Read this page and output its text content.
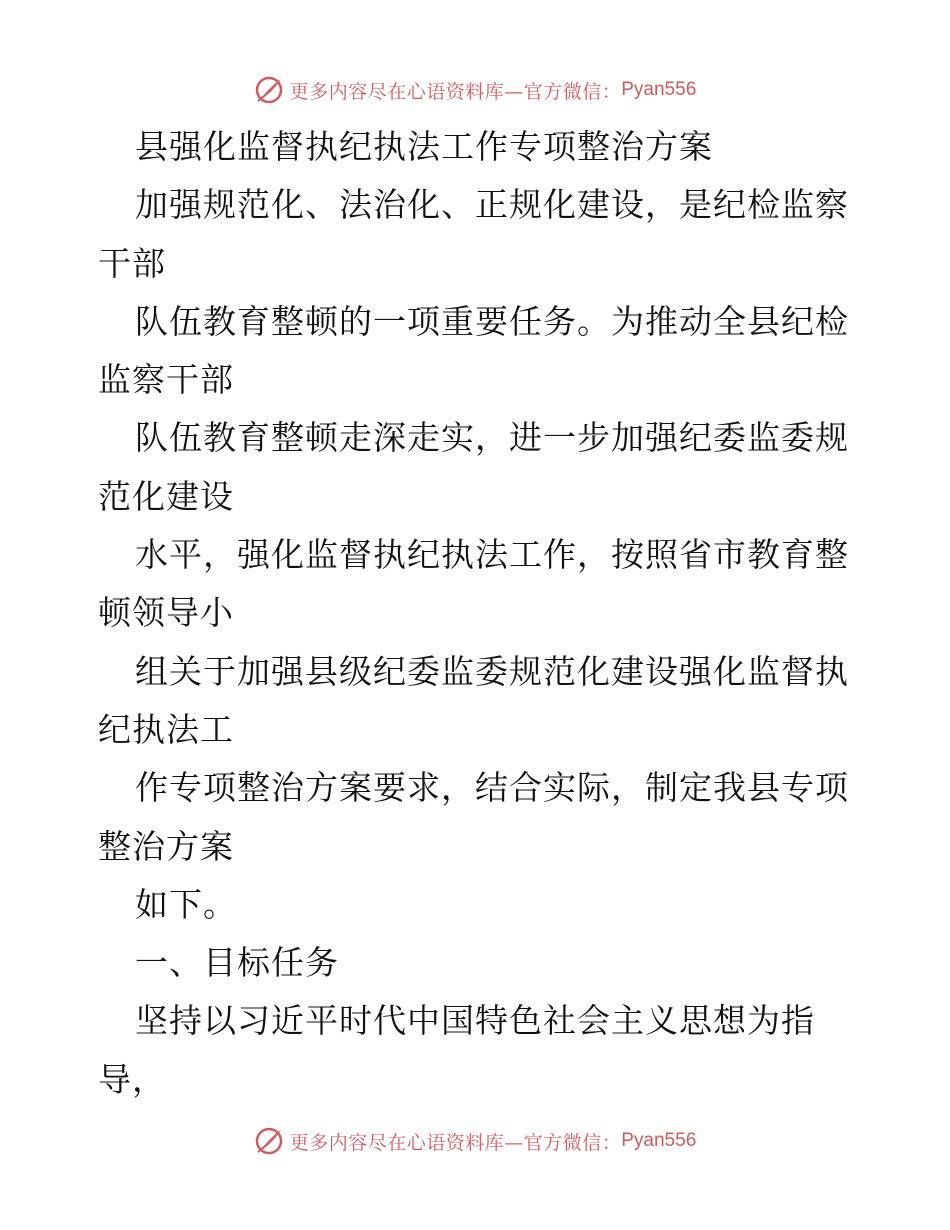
更多内容尽在心语资料库—官方微信： Pyan556
县强化监督执纪执法工作专项整治方案
加强规范化、法治化、正规化建设，是纪检监察
干部
队伍教育整顿的一项重要任务。为推动全县纪检
监察干部
队伍教育整顿走深走实，进一步加强纪委监委规
范化建设
水平，强化监督执纪执法工作，按照省市教育整
顿领导小
组关于加强县级纪委监委规范化建设强化监督执
纪执法工
作专项整治方案要求，结合实际，制定我县专项
整治方案
如下。
一、目标任务
坚持以习近平时代中国特色社会主义思想为指
导，
更多内容尽在心语资料库—官方微信： Pyan556
